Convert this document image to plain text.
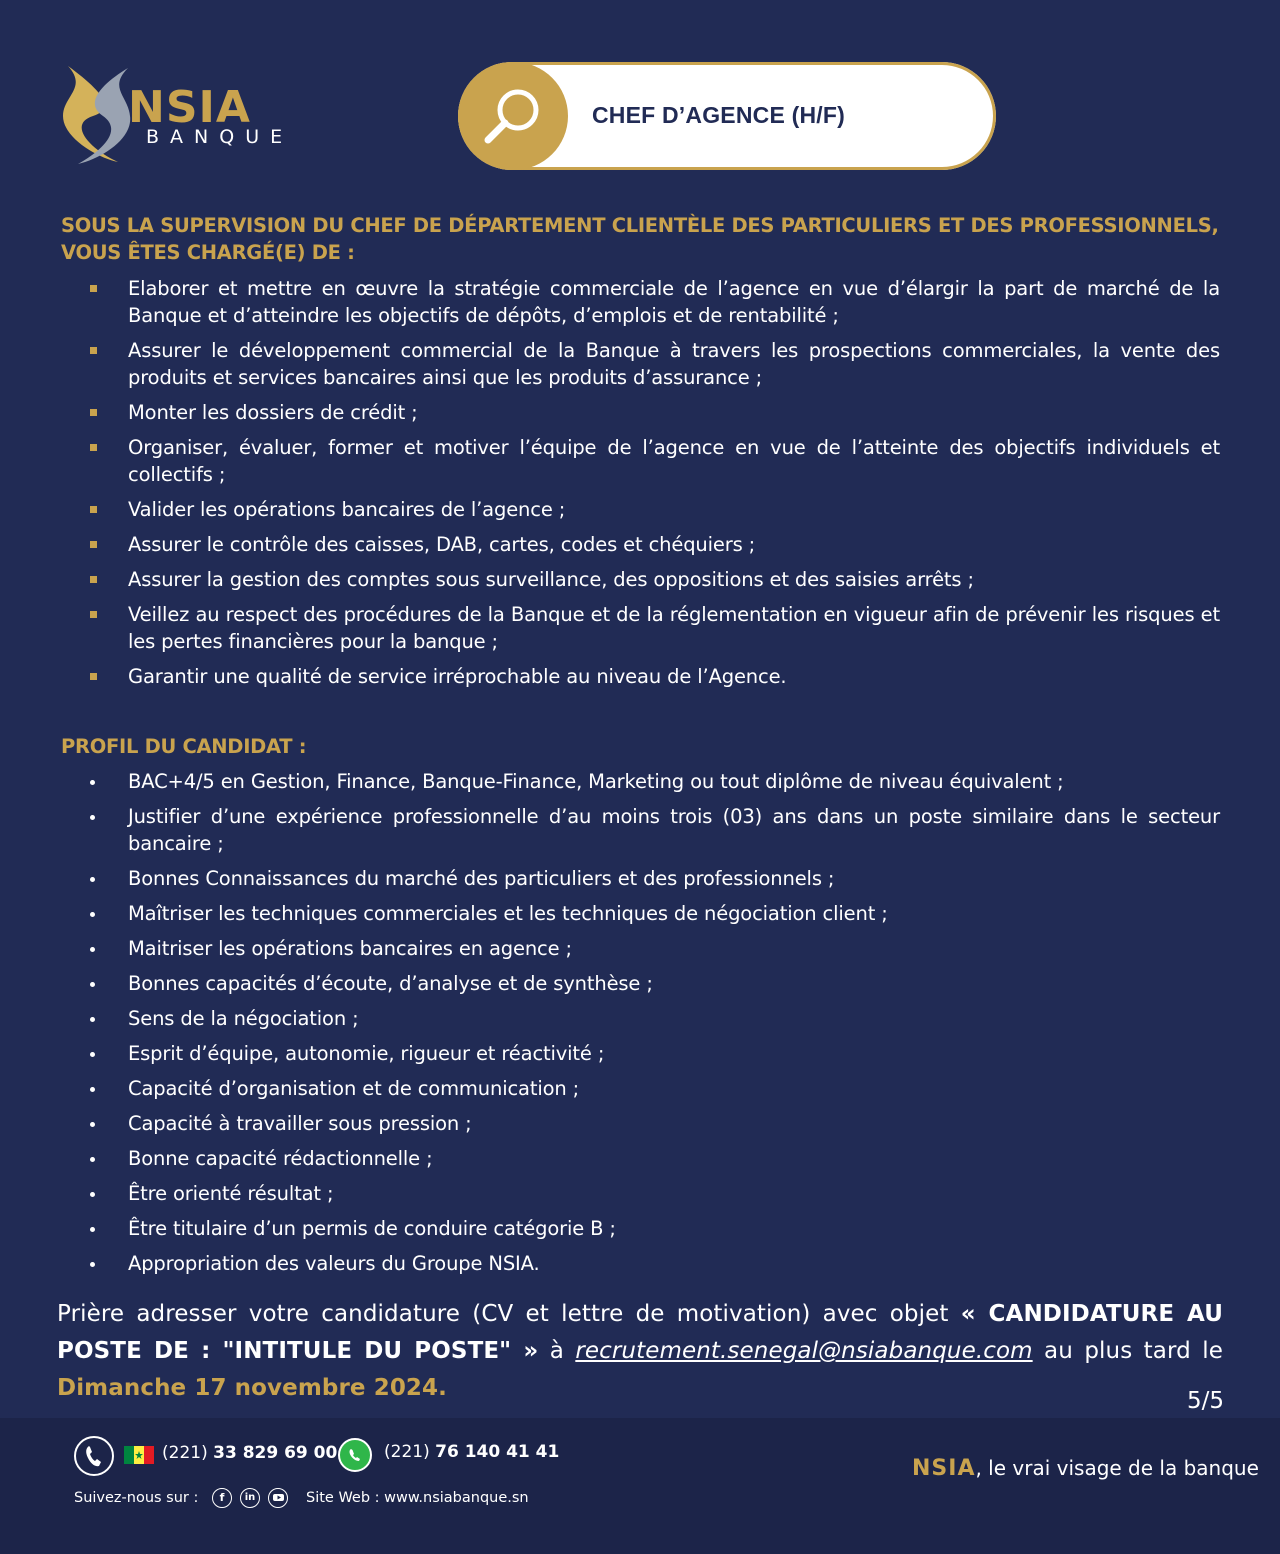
NSIA
BANQUE
CHEF D’AGENCE (H/F)
SOUS LA SUPERVISION DU CHEF DE DÉPARTEMENT CLIENTÈLE DES PARTICULIERS ET DES PROFESSIONNELS, VOUS ÊTES CHARGÉ(E) DE :
Elaborer et mettre en œuvre la stratégie commerciale de l’agence en vue d’élargir la part de marché de la Banque et d’atteindre les objectifs de dépôts, d’emplois et de rentabilité ;
Assurer le développement commercial de la Banque à travers les prospections commerciales, la vente des produits et services bancaires ainsi que les produits d’assurance ;
Monter les dossiers de crédit ;
Organiser, évaluer, former et motiver l’équipe de l’agence en vue de l’atteinte des objectifs individuels et collectifs ;
Valider les opérations bancaires de l’agence ;
Assurer le contrôle des caisses, DAB, cartes, codes et chéquiers ;
Assurer la gestion des comptes sous surveillance, des oppositions et des saisies arrêts ;
Veillez au respect des procédures de la Banque et de la réglementation en vigueur afin de prévenir les risques et les pertes financières pour la banque ;
Garantir une qualité de service irréprochable au niveau de l’Agence.
PROFIL DU CANDIDAT :
BAC+4/5 en Gestion, Finance, Banque-Finance, Marketing ou tout diplôme de niveau équivalent ;
Justifier d’une expérience professionnelle d’au moins trois (03) ans dans un poste similaire dans le secteur bancaire ;
Bonnes Connaissances du marché des particuliers et des professionnels ;
Maîtriser les techniques commerciales et les techniques de négociation client ;
Maitriser les opérations bancaires en agence ;
Bonnes capacités d’écoute, d’analyse et de synthèse ;
Sens de la négociation ;
Esprit d’équipe, autonomie, rigueur et réactivité ;
Capacité d’organisation et de communication ;
Capacité à travailler sous pression ;
Bonne capacité rédactionnelle ;
Être orienté résultat ;
Être titulaire d’un permis de conduire catégorie B ;
Appropriation des valeurs du Groupe NSIA.
Prière adresser votre candidature (CV et lettre de motivation) avec objet « CANDIDATURE AU POSTE DE : "INTITULE DU POSTE" » à recrutement.senegal@nsiabanque.com au plus tard le Dimanche 17 novembre 2024.	5/5
(221) 33 829 69 00	(221) 76 140 41 41
Suivez-nous sur :	f	in	Site Web : www.nsiabanque.sn
NSIA, le vrai visage de la banque
